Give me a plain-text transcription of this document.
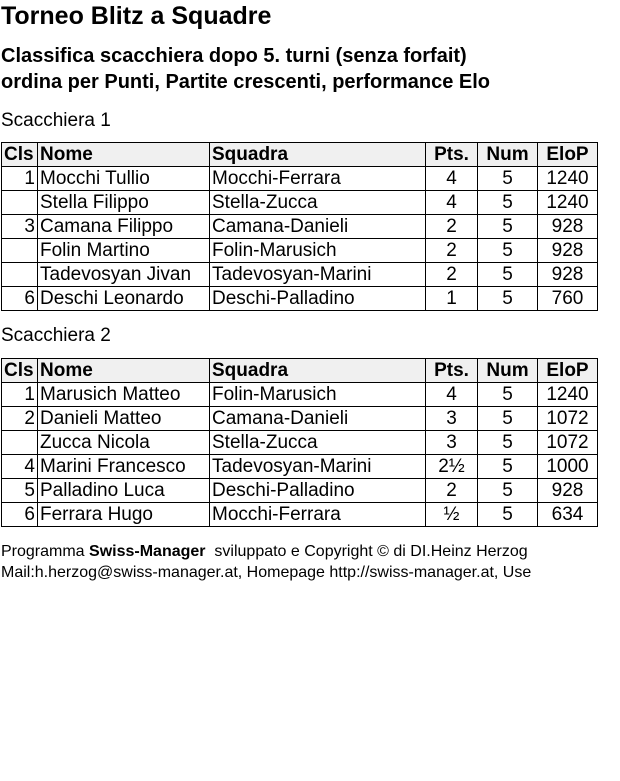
Torneo Blitz a Squadre
Classifica scacchiera dopo 5. turni (senza forfait)
ordina per Punti, Partite crescenti, performance Elo
Scacchiera 1
Cls	Nome	Squadra	Pts.	Num	EloP
1	Mocchi Tullio	Mocchi-Ferrara	4	5	1240
	Stella Filippo	Stella-Zucca	4	5	1240
3	Camana Filippo	Camana-Danieli	2	5	928
	Folin Martino	Folin-Marusich	2	5	928
	Tadevosyan Jivan	Tadevosyan-Marini	2	5	928
6	Deschi Leonardo	Deschi-Palladino	1	5	760
Scacchiera 2
Cls	Nome	Squadra	Pts.	Num	EloP
1	Marusich Matteo	Folin-Marusich	4	5	1240
2	Danieli Matteo	Camana-Danieli	3	5	1072
	Zucca Nicola	Stella-Zucca	3	5	1072
4	Marini Francesco	Tadevosyan-Marini	2½	5	1000
5	Palladino Luca	Deschi-Palladino	2	5	928
6	Ferrara Hugo	Mocchi-Ferrara	½	5	634
Programma Swiss-Manager  sviluppato e Copyright © di DI.Heinz Herzog
Mail:h.herzog@swiss-manager.at, Homepage http://swiss-manager.at, Use
